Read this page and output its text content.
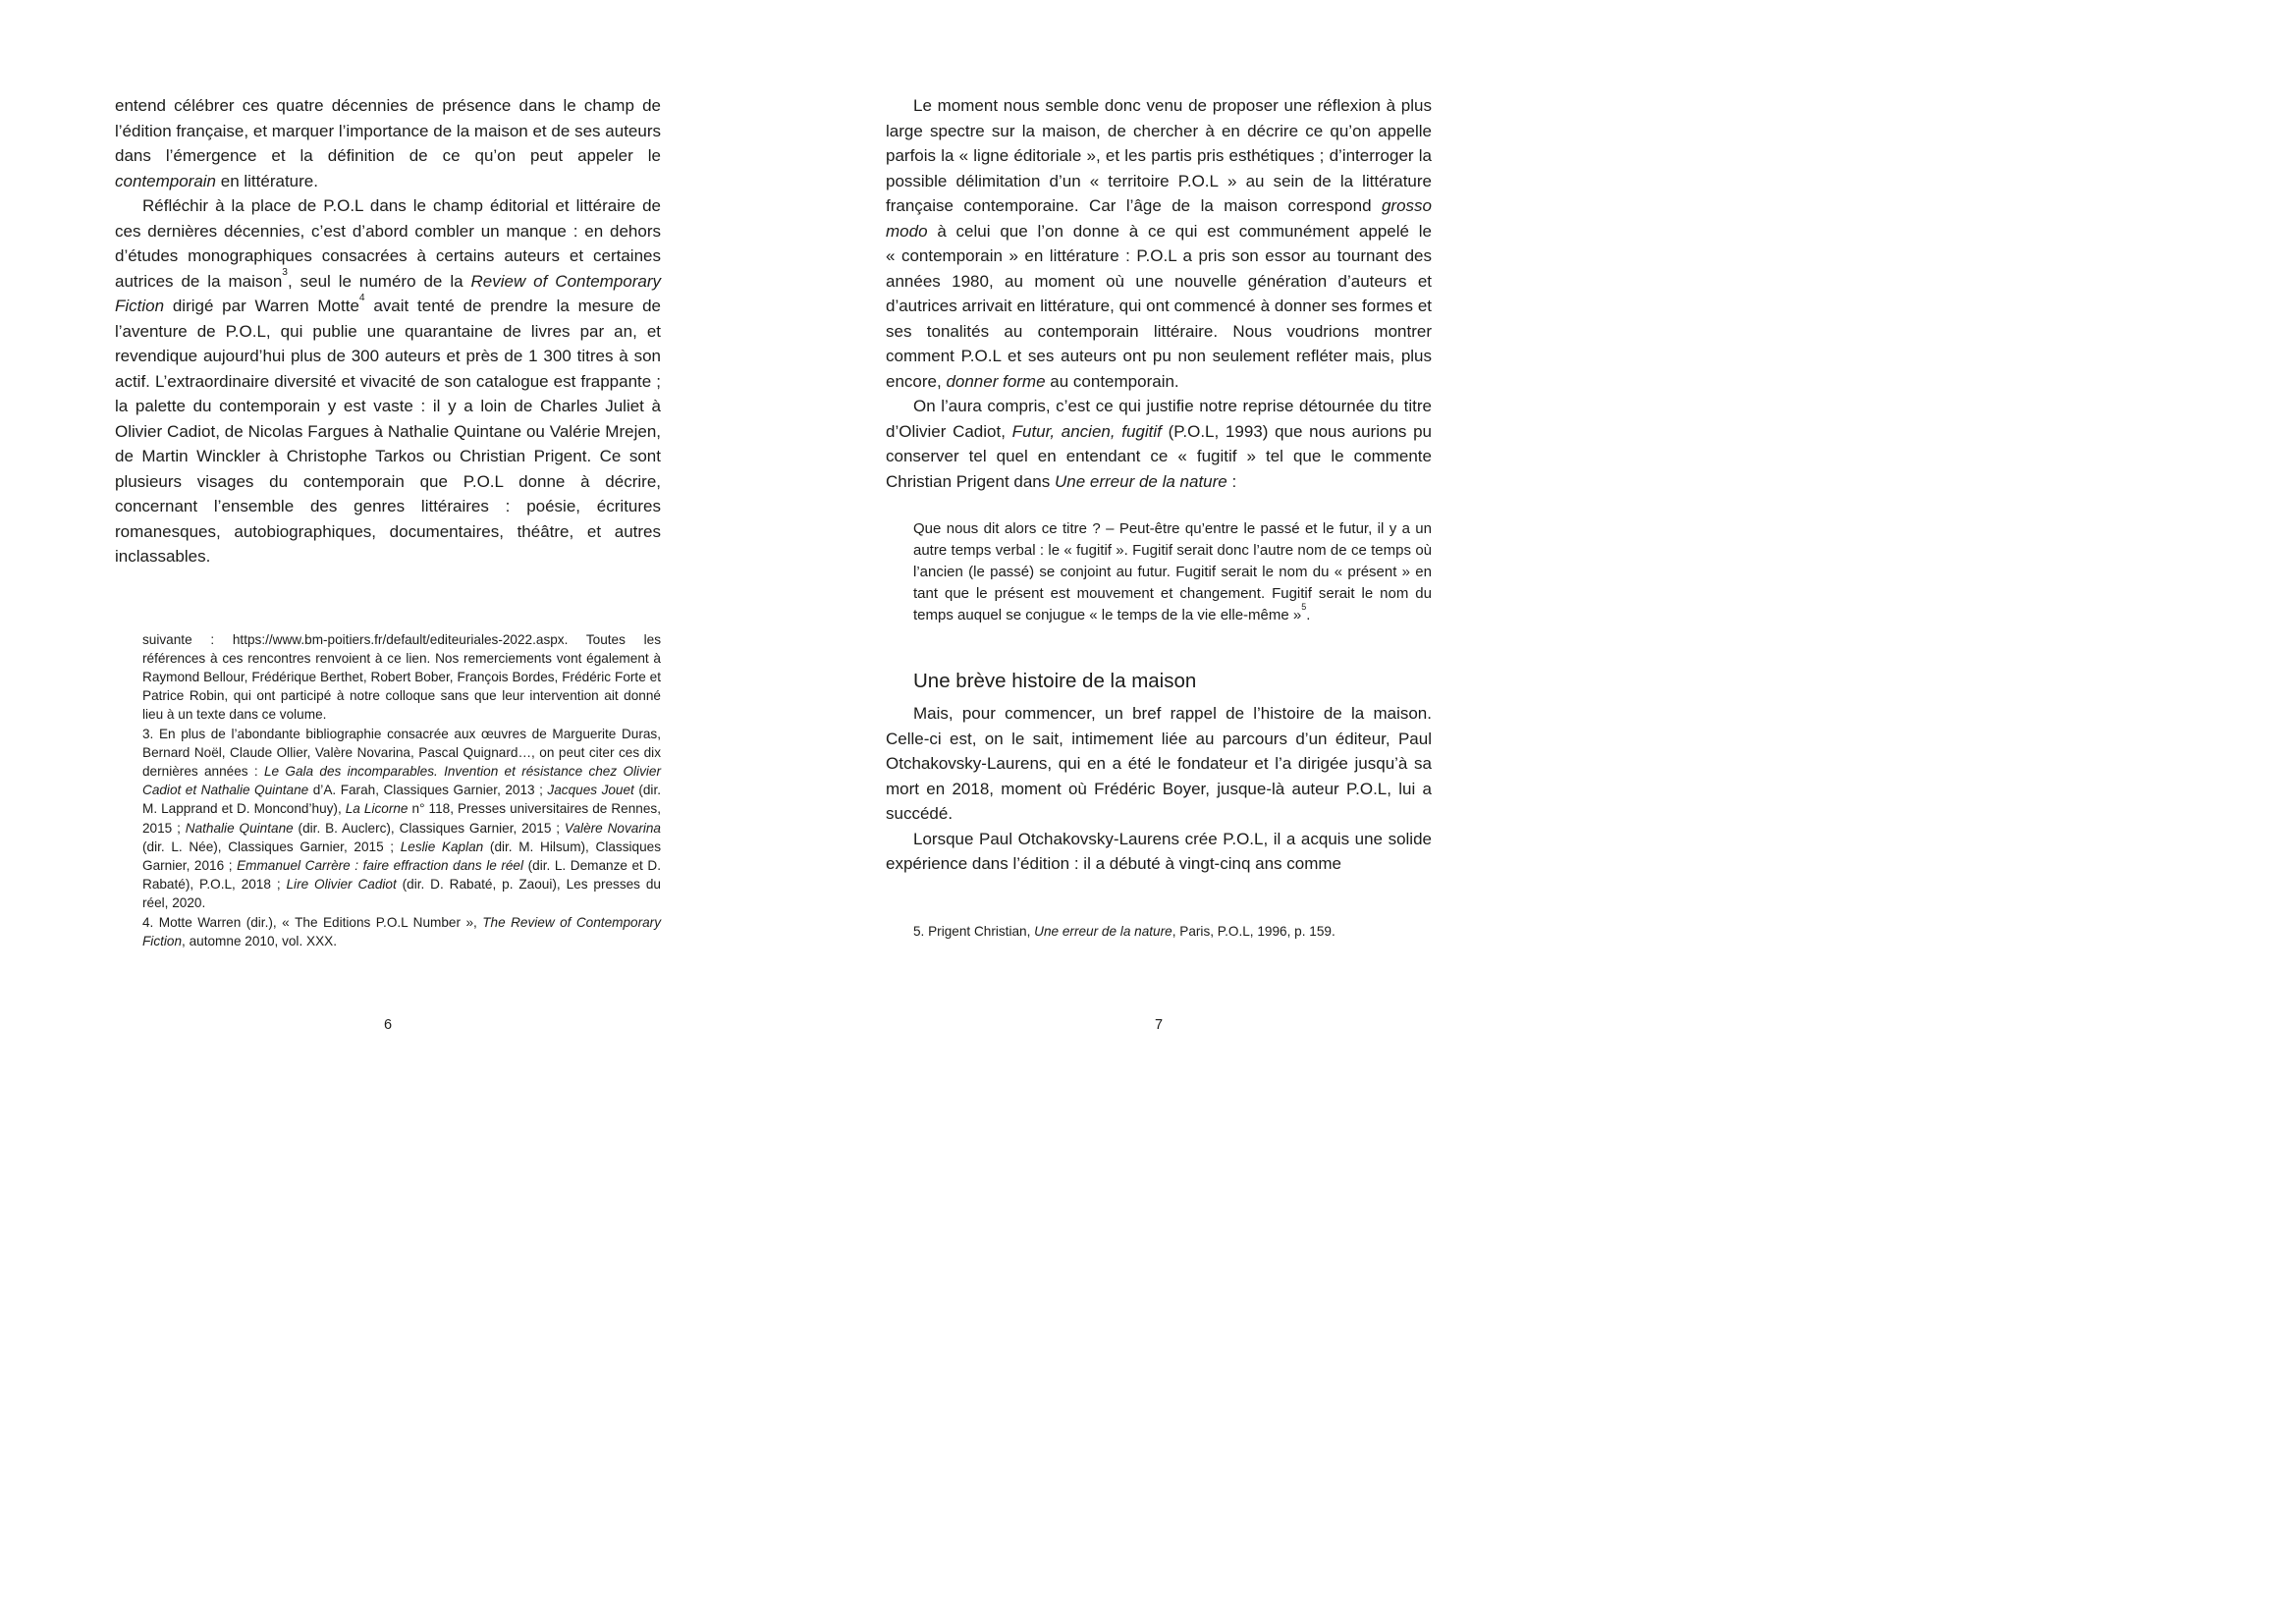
entend célébrer ces quatre décennies de présence dans le champ de l’édition française, et marquer l’importance de la maison et de ses auteurs dans l’émergence et la définition de ce qu’on peut appeler le contemporain en littérature.

Réfléchir à la place de P.O.L dans le champ éditorial et littéraire de ces dernières décennies, c’est d’abord combler un manque : en dehors d’études monographiques consacrées à certains auteurs et certaines autrices de la maison$^3$, seul le numéro de la Review of Contemporary Fiction dirigé par Warren Motte$^4$ avait tenté de prendre la mesure de l’aventure de P.O.L, qui publie une quarantaine de livres par an, et revendique aujourd’hui plus de 300 auteurs et près de 1 300 titres à son actif. L’extraordinaire diversité et vivacité de son catalogue est frappante ; la palette du contemporain y est vaste : il y a loin de Charles Juliet à Olivier Cadiot, de Nicolas Fargues à Nathalie Quintane ou Valérie Mrejen, de Martin Winckler à Christophe Tarkos ou Christian Prigent. Ce sont plusieurs visages du contemporain que P.O.L donne à décrire, concernant l’ensemble des genres littéraires : poésie, écritures romanesques, autobiographiques, documentaires, théâtre, et autres inclassables.

suivante : https://www.bm-poitiers.fr/default/editeuriales-2022.aspx. Toutes les références à ces rencontres renvoient à ce lien. Nos remerciements vont également à Raymond Bellour, Frédérique Berthet, Robert Bober, François Bordes, Frédéric Forte et Patrice Robin, qui ont participé à notre colloque sans que leur intervention ait donné lieu à un texte dans ce volume.

3. En plus de l’abondante bibliographie consacrée aux œuvres de Marguerite Duras, Bernard Noël, Claude Ollier, Valère Novarina, Pascal Quignard…, on peut citer ces dix dernières années : Le Gala des incomparables. Invention et résistance chez Olivier Cadiot et Nathalie Quintane d’A. Farah, Classiques Garnier, 2013 ; Jacques Jouet (dir. M. Lapprand et D. Moncond’huy), La Licorne n° 118, Presses universitaires de Rennes, 2015 ; Nathalie Quintane (dir. B. Auclerc), Classiques Garnier, 2015 ; Valère Novarina (dir. L. Née), Classiques Garnier, 2015 ; Leslie Kaplan (dir. M. Hilsum), Classiques Garnier, 2016 ; Emmanuel Carrère : faire effraction dans le réel (dir. L. Demanze et D. Rabaté), P.O.L, 2018 ; Lire Olivier Cadiot (dir. D. Rabaté, p. Zaoui), Les presses du réel, 2020.

4. Motte Warren (dir.), « The Editions P.O.L Number », The Review of Contemporary Fiction, automne 2010, vol. XXX.

Le moment nous semble donc venu de proposer une réflexion à plus large spectre sur la maison, de chercher à en décrire ce qu’on appelle parfois la « ligne éditoriale », et les partis pris esthétiques ; d’interroger la possible délimitation d’un « territoire P.O.L » au sein de la littérature française contemporaine. Car l’âge de la maison correspond grosso modo à celui que l’on donne à ce qui est communément appelé le « contemporain » en littérature : P.O.L a pris son essor au tournant des années 1980, au moment où une nouvelle génération d’auteurs et d’autrices arrivait en littérature, qui ont commencé à donner ses formes et ses tonalités au contemporain littéraire. Nous voudrions montrer comment P.O.L et ses auteurs ont pu non seulement refléter mais, plus encore, donner forme au contemporain.

On l’aura compris, c’est ce qui justifie notre reprise détournée du titre d’Olivier Cadiot, Futur, ancien, fugitif (P.O.L, 1993) que nous aurions pu conserver tel quel en entendant ce « fugitif » tel que le commente Christian Prigent dans Une erreur de la nature :

Que nous dit alors ce titre ? – Peut-être qu’entre le passé et le futur, il y a un autre temps verbal : le « fugitif ». Fugitif serait donc l’autre nom de ce temps où l’ancien (le passé) se conjoint au futur. Fugitif serait le nom du « présent » en tant que le présent est mouvement et changement. Fugitif serait le nom du temps auquel se conjugue « le temps de la vie elle-même »$^5$.

Une brève histoire de la maison

Mais, pour commencer, un bref rappel de l’histoire de la maison. Celle-ci est, on le sait, intimement liée au parcours d’un éditeur, Paul Otchakovsky-Laurens, qui en a été le fondateur et l’a dirigée jusqu’à sa mort en 2018, moment où Frédéric Boyer, jusque-là auteur P.O.L, lui a succédé.

Lorsque Paul Otchakovsky-Laurens crée P.O.L, il a acquis une solide expérience dans l’édition : il a débuté à vingt-cinq ans comme

5. Prigent Christian, Une erreur de la nature, Paris, P.O.L, 1996, p. 159.

6	7
